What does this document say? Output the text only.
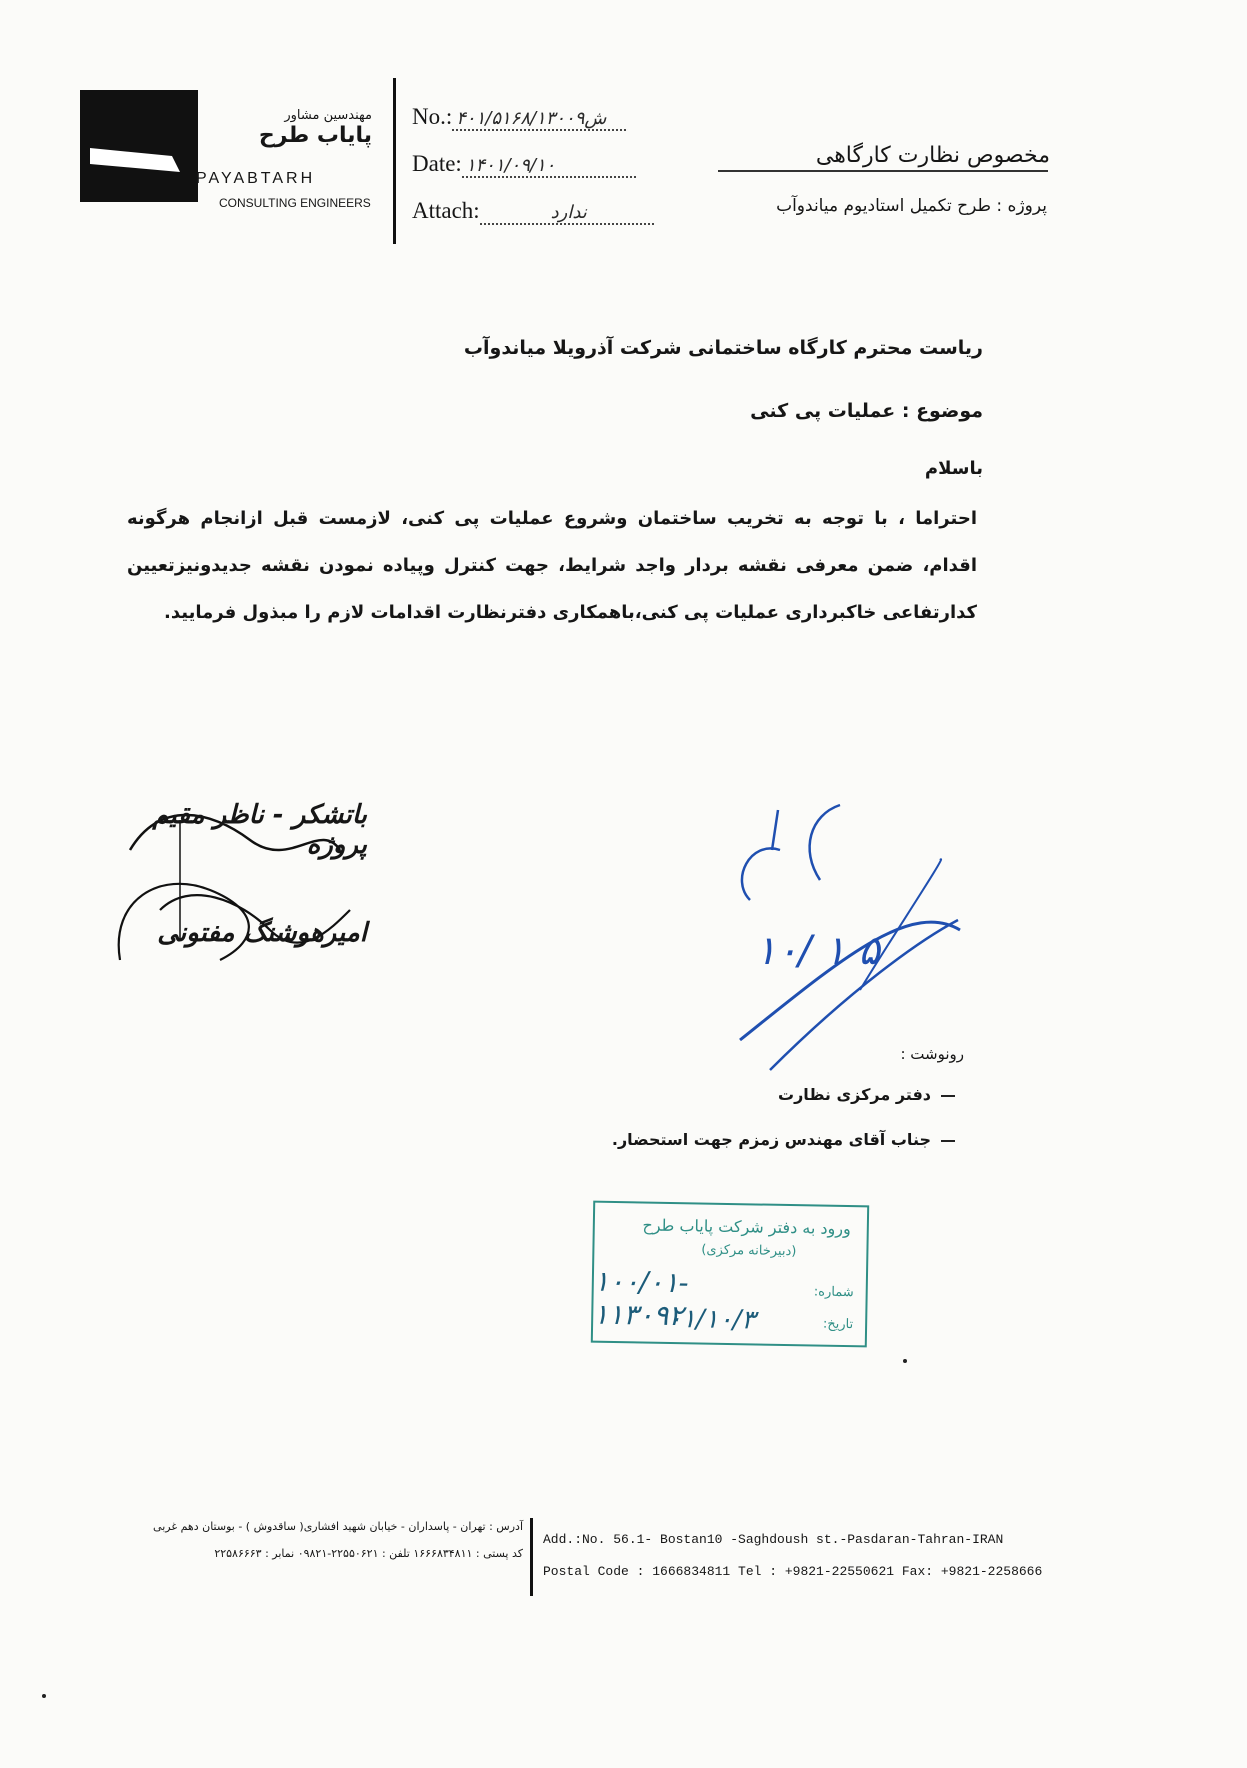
مهندسین مشاور
پایاب طرح
PAYABTARH
CONSULTING ENGINEERS
No.: ۴۰۱/۵۱۶۸/۱۳۰۰۹ش
Date: ۱۴۰۱/۰۹/۱۰
Attach:	ندارد
مخصوص نظارت کارگاهی
پروژه : طرح تکمیل استادیوم میاندوآب
ریاست محترم کارگاه ساختمانی شرکت آذرویلا میاندوآب
موضوع : عملیات پی کنی
باسلام
احتراما ، با توجه به تخریب ساختمان وشروع عملیات پی کنی، لازمست قبل ازانجام هرگونه اقدام، ضمن معرفی نقشه بردار واجد شرایط، جهت کنترل وپیاده نمودن نقشه جدیدونیزتعیین کدارتفاعی خاکبرداری عملیات پی کنی،باهمکاری دفترنظارت اقدامات لازم را مبذول فرمایید.
باتشکر - ناظر مقیم پروژه
امیرهوشنگ مفتونی	۱۰/ ۱ ۵
رونوشت :
دفتر مرکزی نظارت
جناب آقای مهندس زمزم جهت استحضار.
ورود به دفتر شرکت پایاب طرح
(دبیرخانه مرکزی)
شماره:
۱۰۰/۰۱- ۱۱۳۰۹۲	تاریخ:
۰۱/۱۰/۳
آدرس : تهران - پاسداران - خیابان شهید افشاری( ساقدوش ) - بوستان دهم غربی
کد پستی : ۱۶۶۶۸۳۴۸۱۱ تلفن : ۲۲۵۵۰۶۲۱-۰۹۸۲۱ نمابر : ۲۲۵۸۶۶۶۳
Add.:No. 56.1- Bostan10 -Saghdoush st.-Pasdaran-Tahran-IRAN
Postal Code : 1666834811 Tel : +9821-22550621 Fax: +9821-2258666
